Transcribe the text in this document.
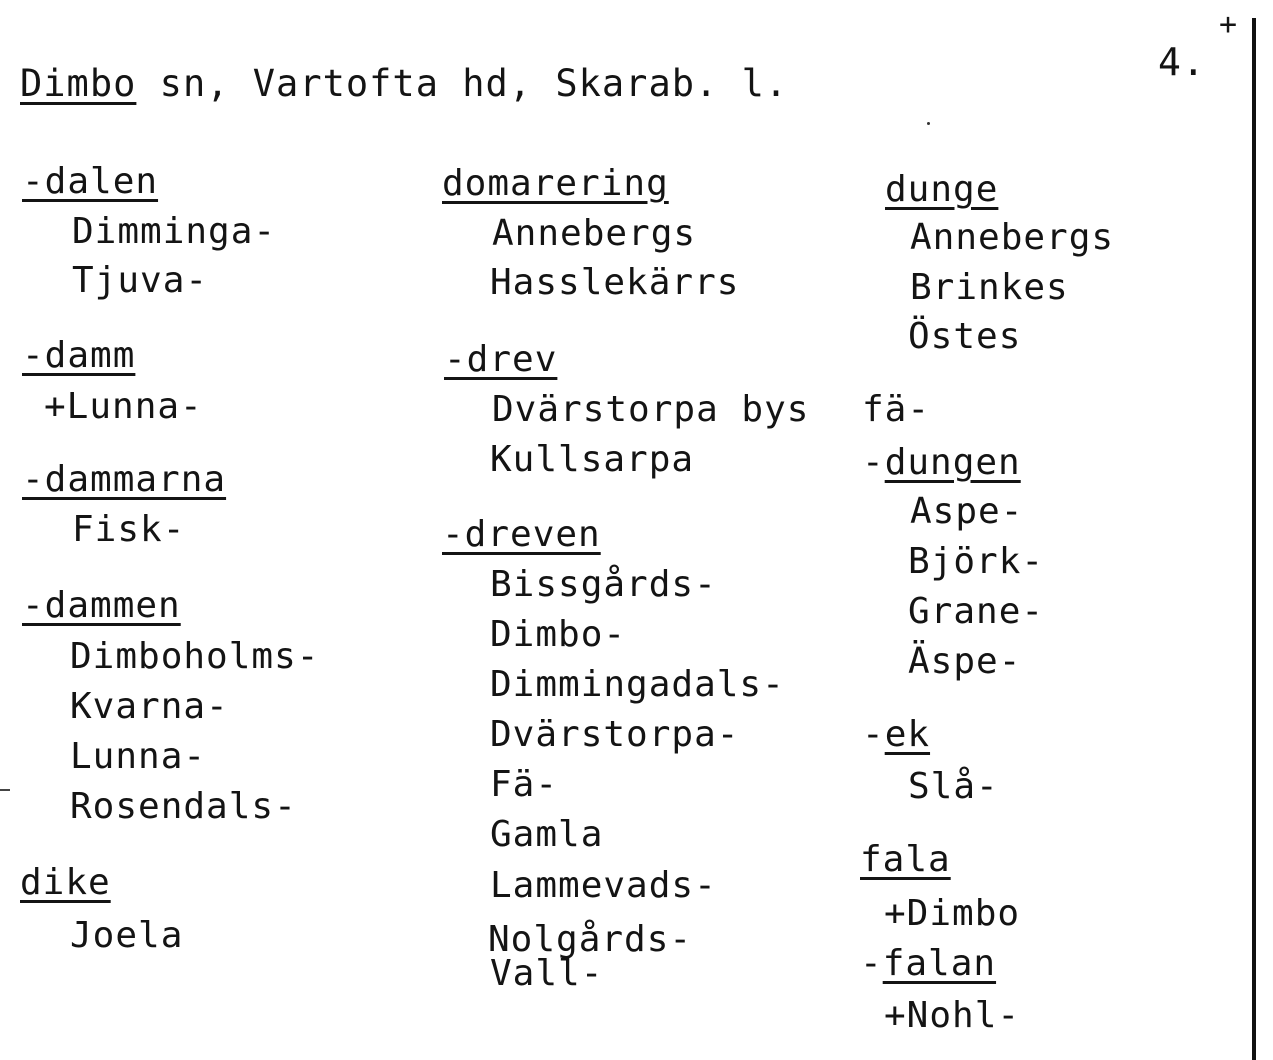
+
4.
Dimbo sn, Vartofta hd, Skarab. l.
-dalen
Dimminga-
Tjuva-
-damm
+Lunna-
-dammarna
Fisk-
-dammen
Dimboholms-
Kvarna-
Lunna-
Rosendals-
dike
Joela
domarering
Annebergs
Hasslekärrs
-drev
Dvärstorpa bys
Kullsarpa
-dreven
Bissgårds-
Dimbo-
Dimmingadals-
Dvärstorpa-
Fä-
Gamla
Lammevads-
Nolgårds-
Vall-
dunge
Annebergs
Brinkes
Östes
fä-
-dungen
Aspe-
Björk-
Grane-
Äspe-
-ek
Slå-
fala
+Dimbo
-falan
+Nohl-
